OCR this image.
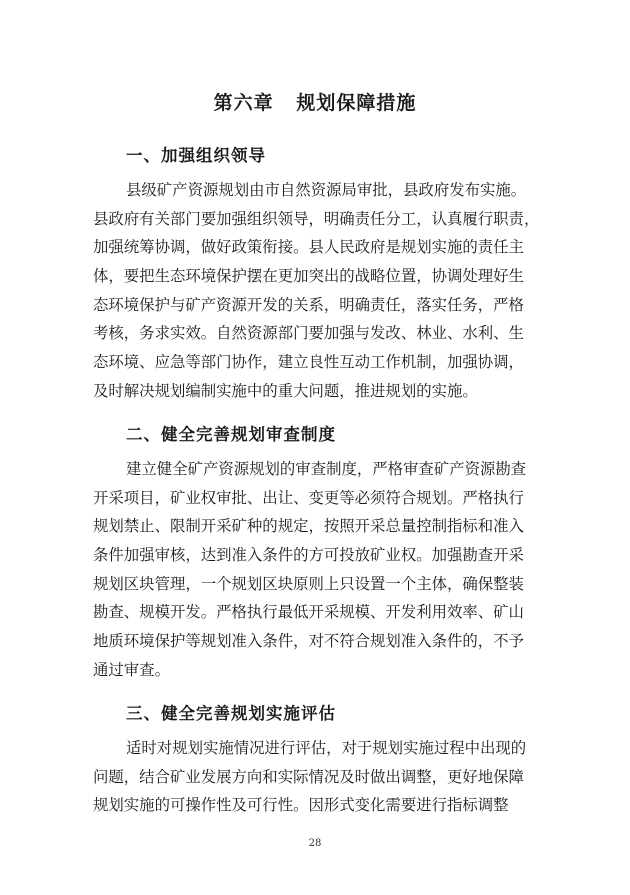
第六章   规划保障措施
一、加强组织领导
县级矿产资源规划由市自然资源局审批，县政府发布实施。
县政府有关部门要加强组织领导，明确责任分工，认真履行职责，
加强统筹协调，做好政策衔接。县人民政府是规划实施的责任主
体，要把生态环境保护摆在更加突出的战略位置，协调处理好生
态环境保护与矿产资源开发的关系，明确责任，落实任务，严格
考核，务求实效。自然资源部门要加强与发改、林业、水利、生
态环境、应急等部门协作，建立良性互动工作机制，加强协调，
及时解决规划编制实施中的重大问题，推进规划的实施。
二、健全完善规划审查制度
建立健全矿产资源规划的审查制度，严格审查矿产资源勘查
开采项目，矿业权审批、出让、变更等必须符合规划。严格执行
规划禁止、限制开采矿种的规定，按照开采总量控制指标和准入
条件加强审核，达到准入条件的方可投放矿业权。加强勘查开采
规划区块管理，一个规划区块原则上只设置一个主体，确保整装
勘查、规模开发。严格执行最低开采规模、开发利用效率、矿山
地质环境保护等规划准入条件，对不符合规划准入条件的，不予
通过审查。
三、健全完善规划实施评估
适时对规划实施情况进行评估，对于规划实施过程中出现的
问题，结合矿业发展方向和实际情况及时做出调整，更好地保障
规划实施的可操作性及可行性。因形式变化需要进行指标调整
28
